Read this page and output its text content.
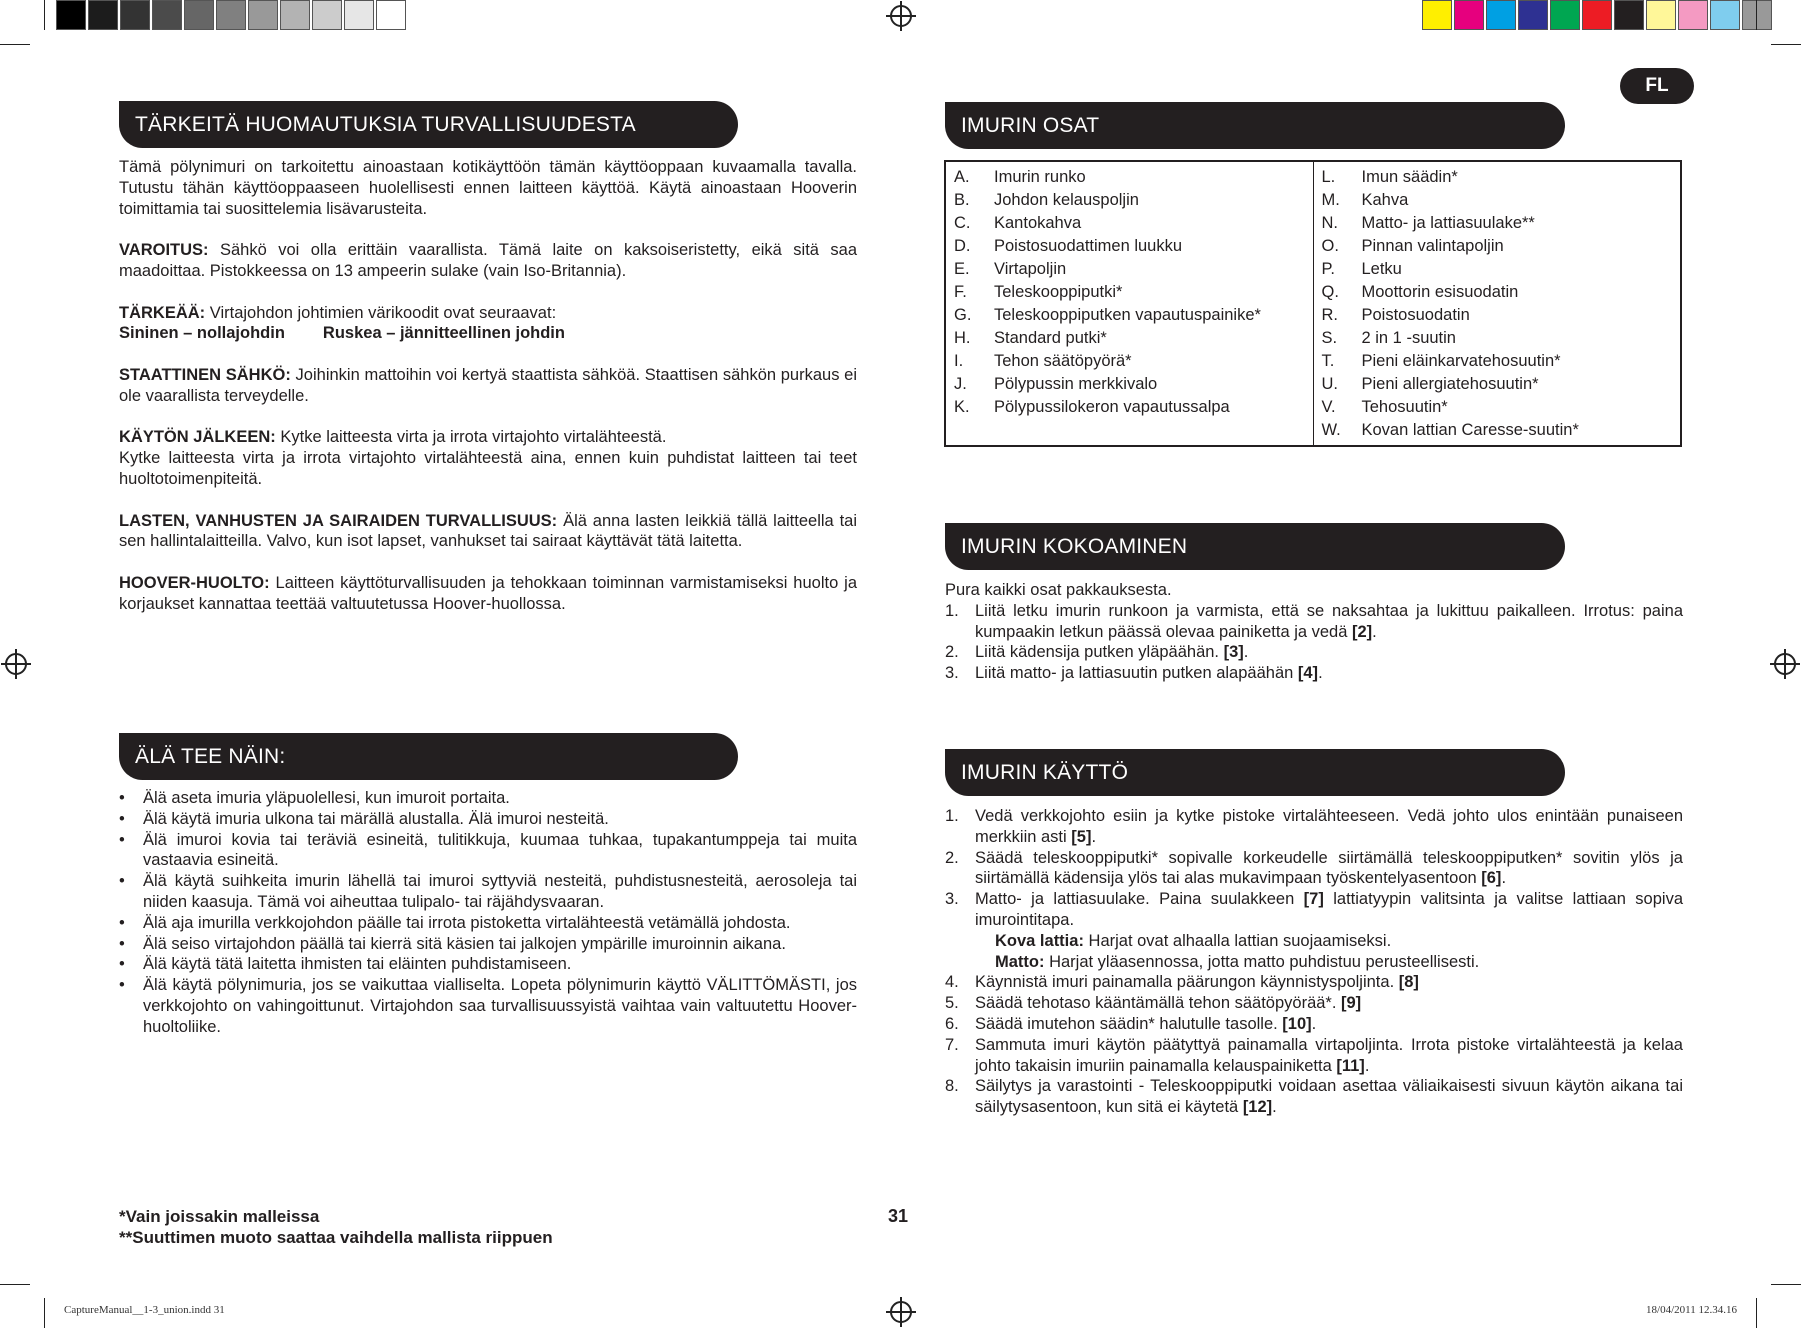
FL
TÄRKEITÄ HUOMAUTUKSIA TURVALLISUUDESTA

Tämä pölynimuri on tarkoitettu ainoastaan kotikäyttöön tämän käyttöoppaan kuvaamalla tavalla. Tutustu tähän käyttöoppaaseen huolellisesti ennen laitteen käyttöä. Käytä ainoastaan Hooverin toimittamia tai suosittelemia lisävarusteita.

VAROITUS: Sähkö voi olla erittäin vaarallista. Tämä laite on kaksoiseristetty, eikä sitä saa maadoittaa. Pistokkeessa on 13 ampeerin sulake (vain Iso-Britannia).

TÄRKEÄÄ: Virtajohdon johtimien värikoodit ovat seuraavat:

Sininen – nollajohdin Ruskea – jännitteellinen johdin

STAATTINEN SÄHKÖ: Joihinkin mattoihin voi kertyä staattista sähköä. Staattisen sähkön purkaus ei ole vaarallista terveydelle.

KÄYTÖN JÄLKEEN: Kytke laitteesta virta ja irrota virtajohto virtalähteestä.

Kytke laitteesta virta ja irrota virtajohto virtalähteestä aina, ennen kuin puhdistat laitteen tai teet huoltotoimenpiteitä.

LASTEN, VANHUSTEN JA SAIRAIDEN TURVALLISUUS: Älä anna lasten leikkiä tällä laitteella tai sen hallintalaitteilla. Valvo, kun isot lapset, vanhukset tai sairaat käyttävät tätä laitetta.

HOOVER-HUOLTO: Laitteen käyttöturvallisuuden ja tehokkaan toiminnan varmistamiseksi huolto ja korjaukset kannattaa teettää valtuutetussa Hoover-huollossa.

ÄLÄ TEE NÄIN:
• Älä aseta imuria yläpuolellesi, kun imuroit portaita.
• Älä käytä imuria ulkona tai märällä alustalla. Älä imuroi nesteitä.
• Älä imuroi kovia tai teräviä esineitä, tulitikkuja, kuumaa tuhkaa, tupakantumppeja tai muita vastaavia esineitä.
• Älä käytä suihkeita imurin lähellä tai imuroi syttyviä nesteitä, puhdistusnesteitä, aerosoleja tai niiden kaasuja. Tämä voi aiheuttaa tulipalo- tai räjähdysvaaran.
• Älä aja imurilla verkkojohdon päälle tai irrota pistoketta virtalähteestä vetämällä johdosta.
• Älä seiso virtajohdon päällä tai kierrä sitä käsien tai jalkojen ympärille imuroinnin aikana.
• Älä käytä tätä laitetta ihmisten tai eläinten puhdistamiseen.
• Älä käytä pölynimuria, jos se vaikuttaa vialliselta. Lopeta pölynimurin käyttö VÄLITTÖMÄSTI, jos verkkojohto on vahingoittunut. Virtajohdon saa turvallisuussyistä vaihtaa vain valtuutettu Hoover-huoltoliike.
*Vain joissakin malleissa
**Suuttimen muoto saattaa vaihdella mallista riippuen
31
IMURIN OSAT
A.	Imurin runko
B.	Johdon kelauspoljin
C.	Kantokahva
D.	Poistosuodattimen luukku
E.	Virtapoljin
F.	Teleskooppiputki*
G.	Teleskooppiputken vapautuspainike*
H.	Standard putki*
I.	Tehon säätöpyörä*
J.	Pölypussin merkkivalo
K.	Pölypussilokeron vapautussalpa

L.	Imun säädin*
M.	Kahva
N.	Matto- ja lattiasuulake**
O.	Pinnan valintapoljin
P.	Letku
Q.	Moottorin esisuodatin
R.	Poistosuodatin
S.	2 in 1 -suutin
T.	Pieni eläinkarvatehosuutin*
U.	Pieni allergiatehosuutin*
V.	Tehosuutin*
W.	Kovan lattian Caresse-suutin*
IMURIN KOKOAMINEN

Pura kaikki osat pakkauksesta.

1. Liitä letku imurin runkoon ja varmista, että se naksahtaa ja lukittuu paikalleen. Irrotus: paina kumpaakin letkun päässä olevaa painiketta ja vedä [2].
2. Liitä kädensija putken yläpäähän. [3].
3. Liitä matto- ja lattiasuutin putken alapäähän [4].
IMURIN KÄYTTÖ
1. Vedä verkkojohto esiin ja kytke pistoke virtalähteeseen. Vedä johto ulos enintään punaiseen merkkiin asti [5].
2. Säädä teleskooppiputki* sopivalle korkeudelle siirtämällä teleskooppiputken* sovitin ylös ja siirtämällä kädensija ylös tai alas mukavimpaan työskentelyasentoon [6].
3. Matto- ja lattiasuulake. Paina suulakkeen [7] lattiatyypin valitsinta ja valitse lattiaan sopiva imurointitapa.
Kova lattia: Harjat ovat alhaalla lattian suojaamiseksi.
Matto: Harjat yläasennossa, jotta matto puhdistuu perusteellisesti.
4. Käynnistä imuri painamalla päärungon käynnistyspoljinta. [8]
5. Säädä tehotaso kääntämällä tehon säätöpyörää*. [9]
6. Säädä imutehon säädin* halutulle tasolle. [10].
7. Sammuta imuri käytön päätyttyä painamalla virtapoljinta. Irrota pistoke virtalähteestä ja kelaa johto takaisin imuriin painamalla kelauspainiketta [11].
8. Säilytys ja varastointi - Teleskooppiputki voidaan asettaa väliaikaisesti sivuun käytön aikana tai säilytysasentoon, kun sitä ei käytetä [12].
CaptureManual__1-3_union.indd 31	18/04/2011 12.34.16
